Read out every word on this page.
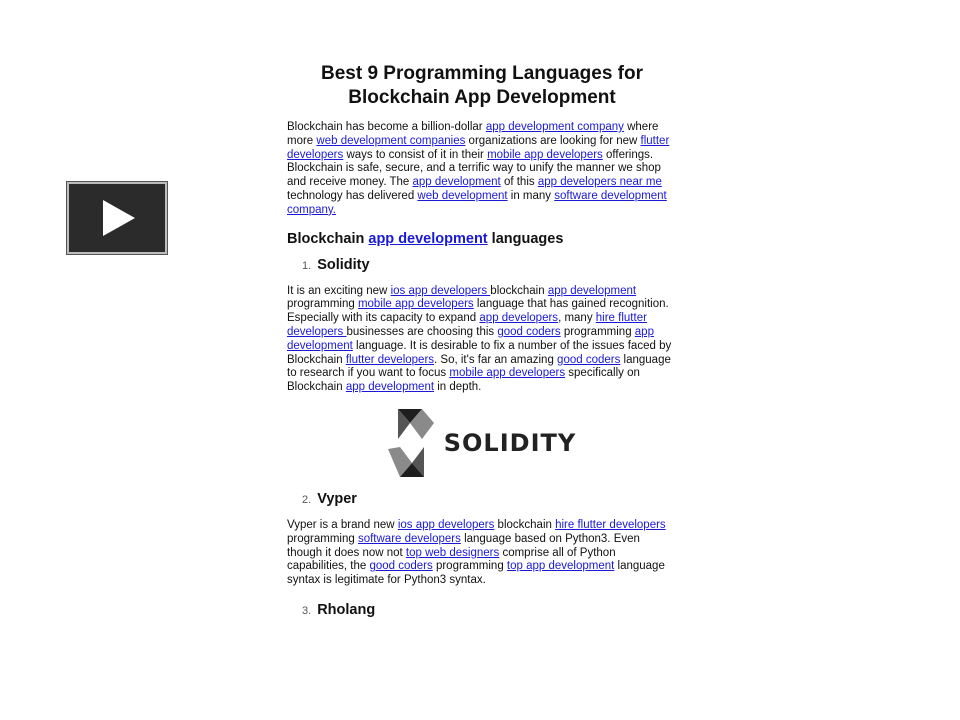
Best 9 Programming Languages for Blockchain App Development

Blockchain has become a billion-dollar app development company where more web development companies organizations are looking for new flutter developers ways to consist of it in their mobile app developers offerings. Blockchain is safe, secure, and a terrific way to unify the manner we shop and receive money. The app development of this app developers near me technology has delivered web development in many software development company.

Blockchain app development languages
1. Solidity

It is an exciting new ios app developers blockchain app development programming mobile app developers language that has gained recognition. Especially with its capacity to expand app developers, many hire flutter developers businesses are choosing this good coders programming app development language. It is desirable to fix a number of the issues faced by Blockchain flutter developers. So, it's far an amazing good coders language to research if you want to focus mobile app developers specifically on Blockchain app development in depth.

SOLIDITY
2. Vyper

Vyper is a brand new ios app developers blockchain hire flutter developers programming software developers language based on Python3. Even though it does now not top web designers comprise all of Python capabilities, the good coders programming top app development language syntax is legitimate for Python3 syntax.

3. Rholang
